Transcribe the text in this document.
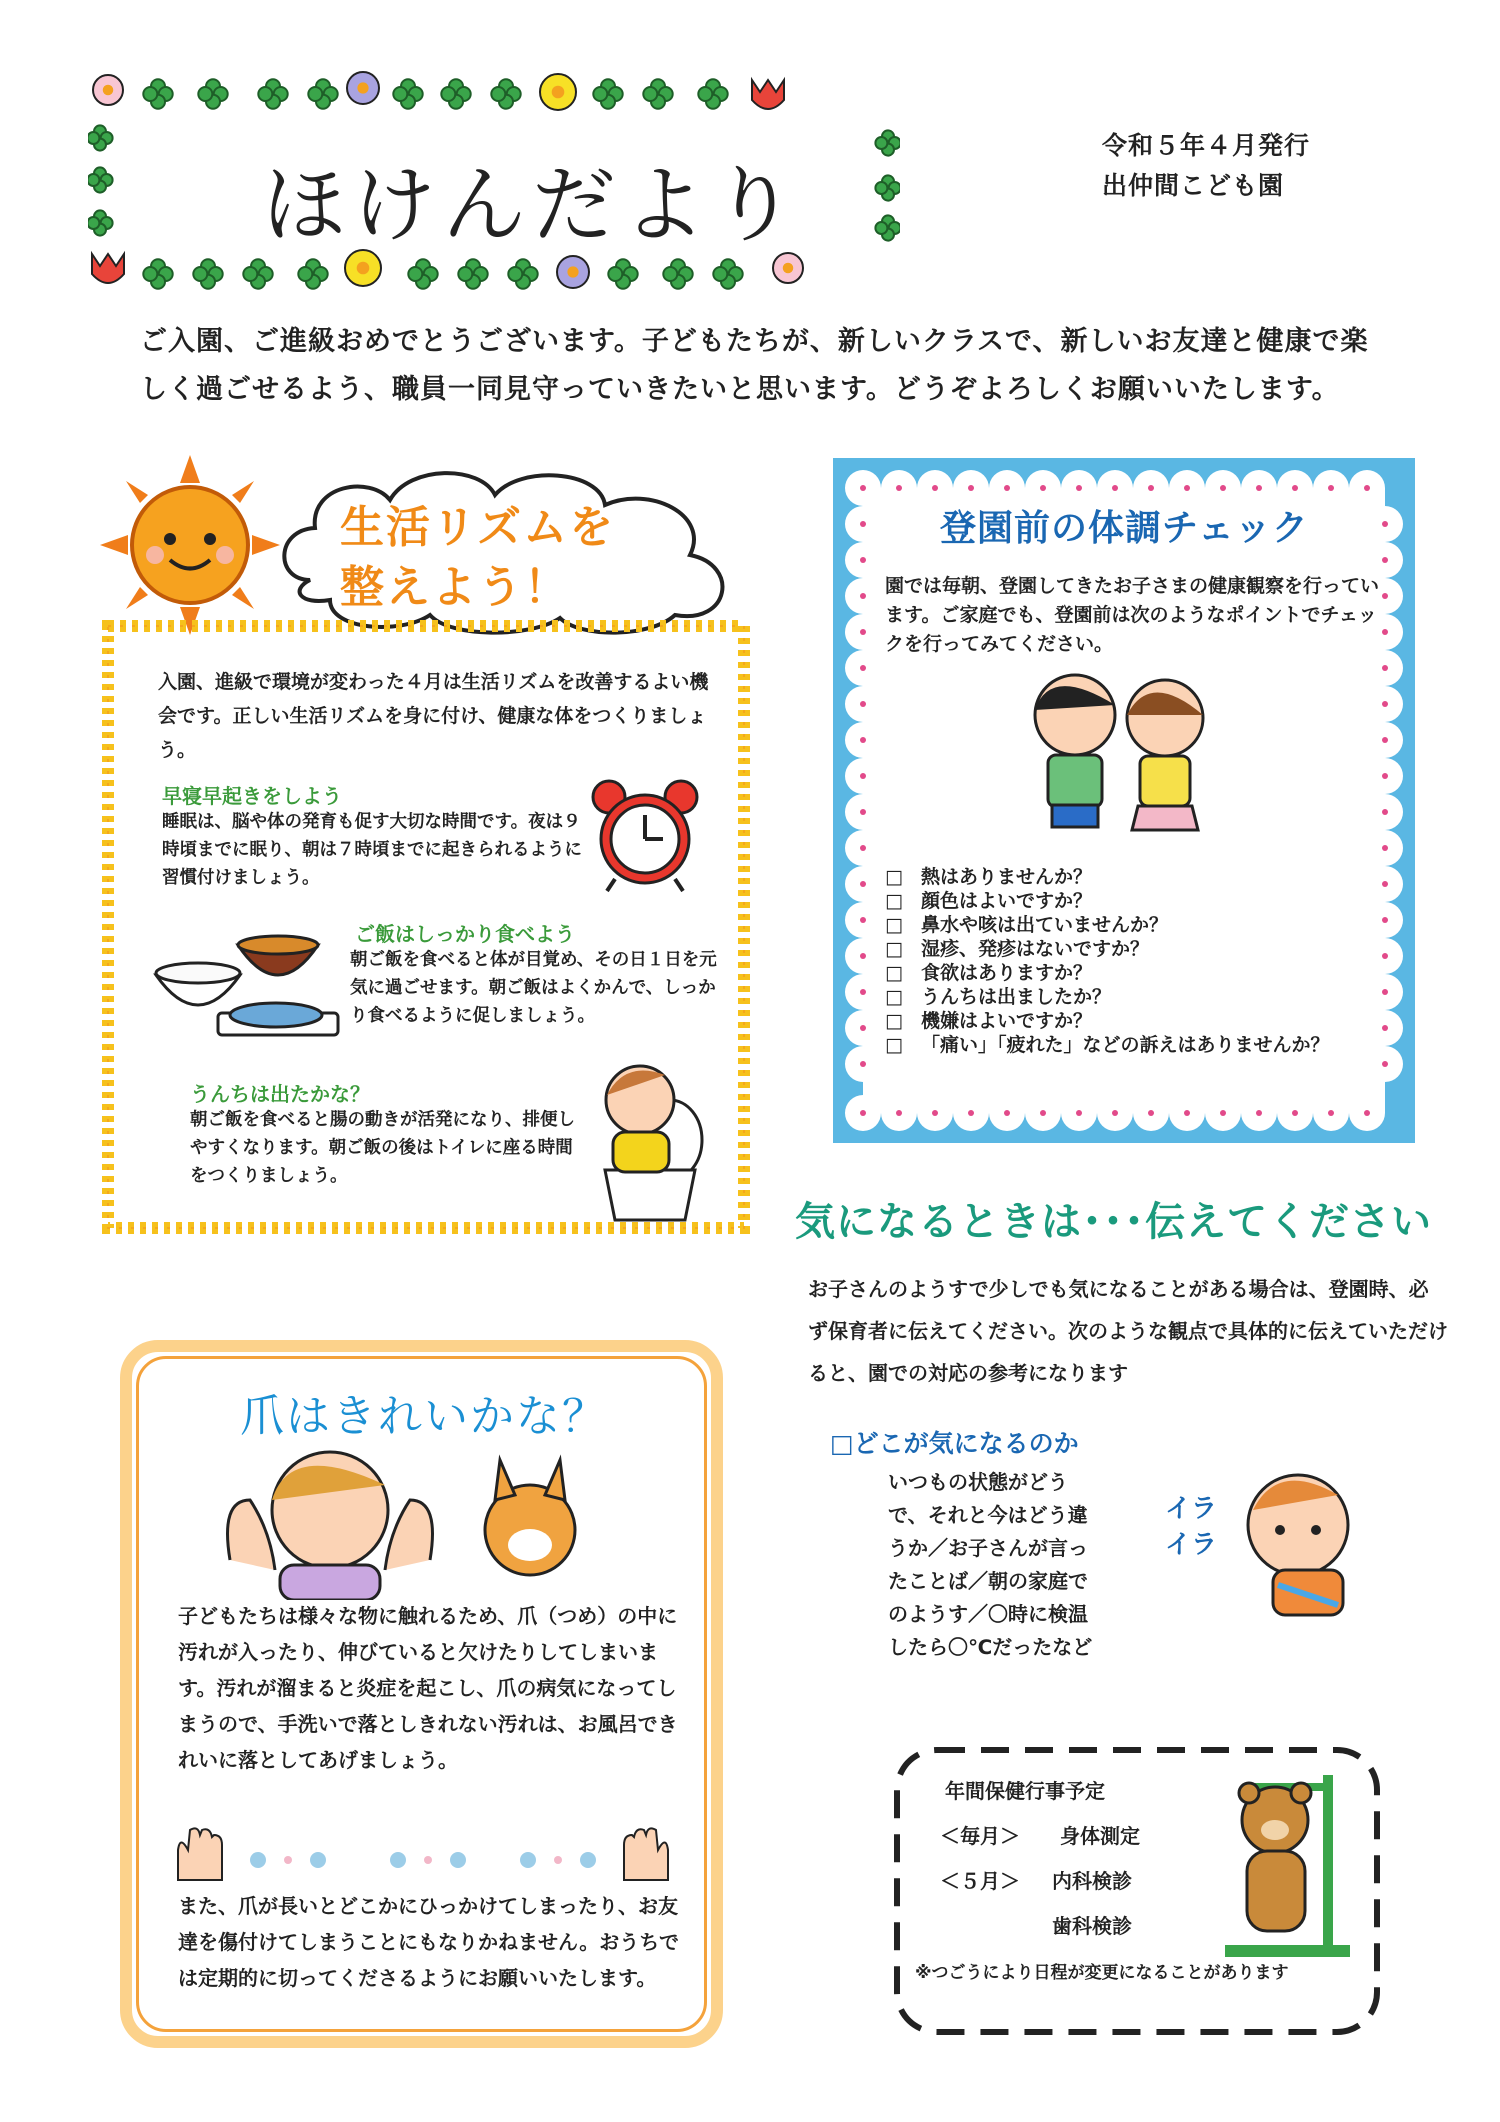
ほけんだより
令和５年４月発行
出仲間こども園
ご入園、ご進級おめでとうございます。子どもたちが、新しいクラスで、新しいお友達と健康で楽しく過ごせるよう、職員一同見守っていきたいと思います。どうぞよろしくお願いいたします。
生活リズムを
整えよう！
入園、進級で環境が変わった４月は生活リズムを改善するよい機会です。正しい生活リズムを身に付け、健康な体をつくりましょう。
早寝早起きをしよう
睡眠は、脳や体の発育も促す大切な時間です。夜は９時頃までに眠り、朝は７時頃までに起きられるように習慣付けましょう。
ご飯はしっかり食べよう
朝ご飯を食べると体が目覚め、その日１日を元気に過ごせます。朝ご飯はよくかんで、しっかり食べるように促しましょう。
うんちは出たかな？
朝ご飯を食べると腸の動きが活発になり、排便しやすくなります。朝ご飯の後はトイレに座る時間をつくりましょう。
登園前の体調チェック
園では毎朝、登園してきたお子さまの健康観察を行っています。ご家庭でも、登園前は次のようなポイントでチェックを行ってみてください。
□ 熱はありませんか？
□ 顔色はよいですか？
□ 鼻水や咳は出ていませんか？
□ 湿疹、発疹はないですか？
□ 食欲はありますか？
□ うんちは出ましたか？
□ 機嫌はよいですか？
□ 「痛い」「疲れた」などの訴えはありませんか？
気になるときは･･･伝えてください
お子さんのようすで少しでも気になることがある場合は、登園時、必ず保育者に伝えてください。次のような観点で具体的に伝えていただけると、園での対応の参考になります
□どこが気になるのか
いつもの状態がどうで、それと今はどう違うか／お子さんが言ったことば／朝の家庭でのようす／〇時に検温したら〇℃だったなど
イラ
イラ
年間保健行事予定
＜毎月＞ 身体測定
＜５月＞ 内科検診
歯科検診
※つごうにより日程が変更になることがあります
爪はきれいかな？
子どもたちは様々な物に触れるため、爪（つめ）の中に汚れが入ったり、伸びていると欠けたりしてしまいます。汚れが溜まると炎症を起こし、爪の病気になってしまうので、手洗いで落としきれない汚れは、お風呂できれいに落としてあげましょう。
また、爪が長いとどこかにひっかけてしまったり、お友達を傷付けてしまうことにもなりかねません。おうちでは定期的に切ってくださるようにお願いいたします。
